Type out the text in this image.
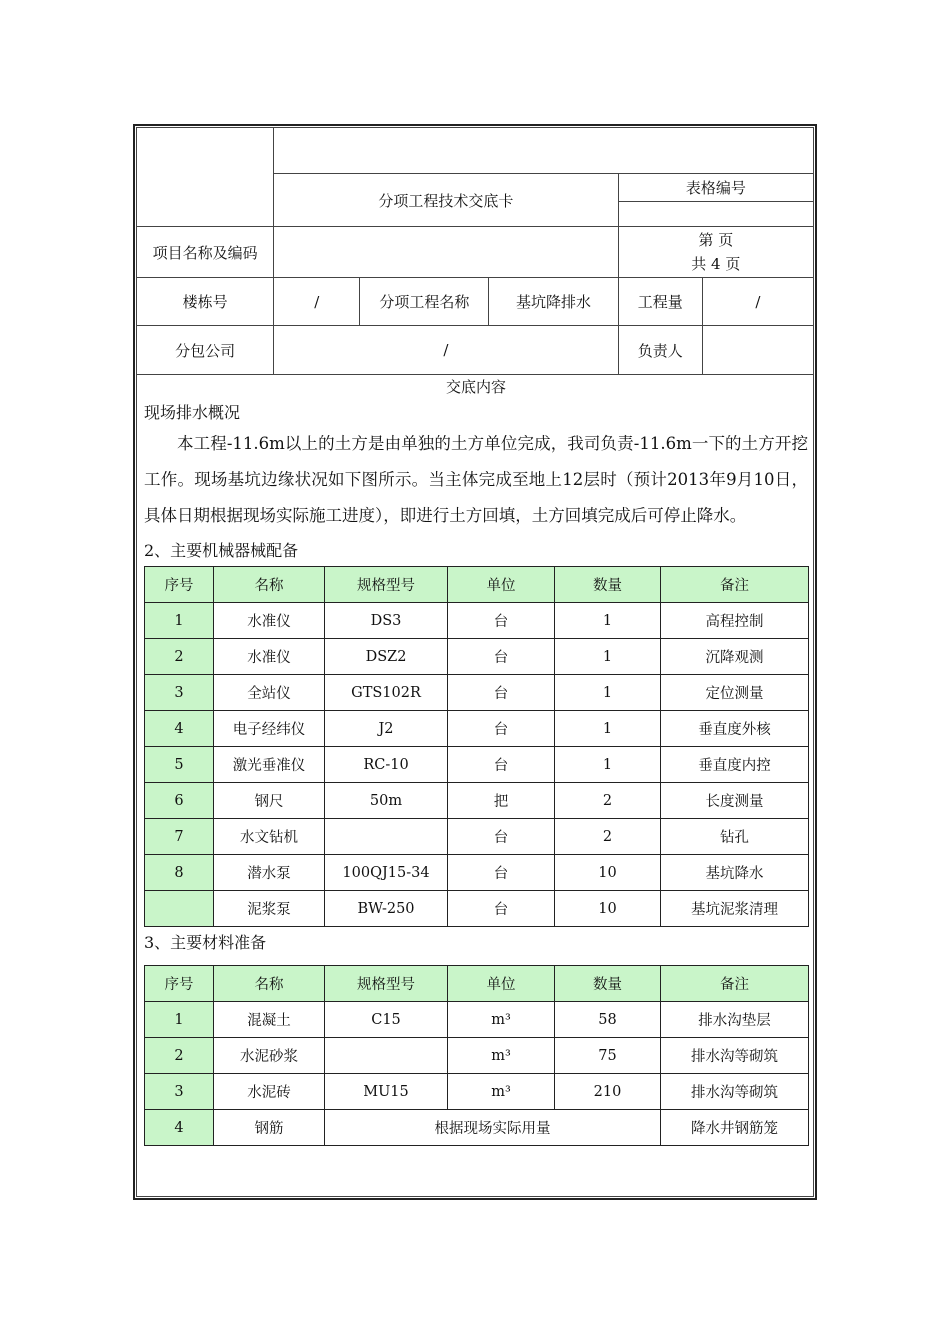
	分项工程技术交底卡			表格编号	

项目名称及编码				第 页
共 4 页	

楼栋号	/	分项工程名称	基坑降排水	工程量	/
分包公司	/			负责人	
交底内容
现场排水概况

本工程-11.6m以上的土方是由单独的土方单位完成，我司负责-11.6m一下的土方开挖工作。现场基坑边缘状况如下图所示。当主体完成至地上12层时（预计2013年9月10日，具体日期根据现场实际施工进度），即进行土方回填，土方回填完成后可停止降水。

2、主要机械器械配备
序号	名称	规格型号	单位	数量	备注
1	水准仪	DS3	台	1	高程控制
2	水准仪	DSZ2	台	1	沉降观测
3	全站仪	GTS102R	台	1	定位测量
4	电子经纬仪	J2	台	1	垂直度外核
5	激光垂准仪	RC-10	台	1	垂直度内控
6	钢尺	50m	把	2	长度测量
7	水文钻机		台	2	钻孔
8	潜水泵	100QJ15-34	台	10	基坑降水
	泥浆泵	BW-250	台	10	基坑泥浆清理
3、主要材料准备
序号	名称	规格型号	单位	数量	备注
1	混凝土	C15	m³	58	排水沟垫层
2	水泥砂浆		m³	75	排水沟等砌筑
3	水泥砖	MU15	m³	210	排水沟等砌筑
4	钢筋	根据现场实际用量			降水井钢筋笼
